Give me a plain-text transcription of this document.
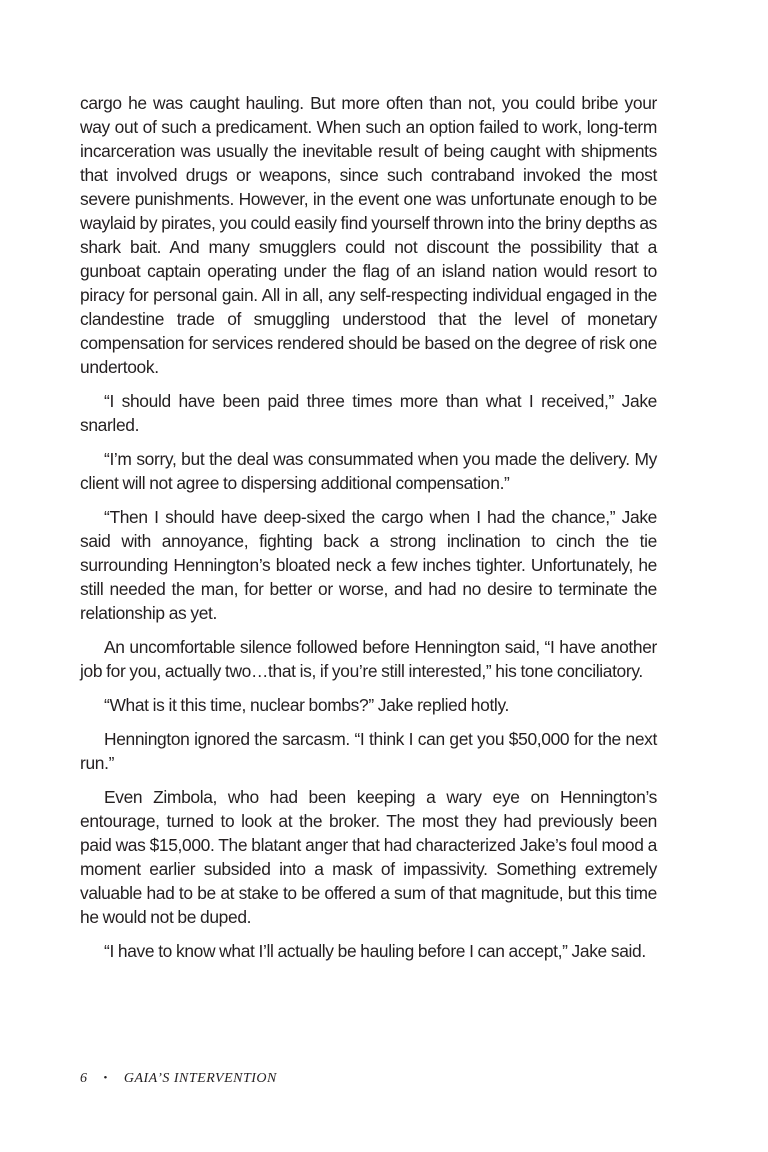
cargo he was caught hauling. But more often than not, you could bribe your way out of such a predicament. When such an option failed to work, long-term incarceration was usually the inevitable result of being caught with shipments that involved drugs or weapons, since such contraband invoked the most severe punishments. However, in the event one was unfortunate enough to be waylaid by pirates, you could easily find yourself thrown into the briny depths as shark bait. And many smugglers could not discount the possibility that a gunboat captain operating under the flag of an island nation would resort to piracy for personal gain. All in all, any self-respecting individual engaged in the clandestine trade of smuggling understood that the level of monetary compensation for services rendered should be based on the degree of risk one undertook.

“I should have been paid three times more than what I received,” Jake snarled.

“I’m sorry, but the deal was consummated when you made the delivery. My client will not agree to dispersing additional compensation.”

“Then I should have deep-sixed the cargo when I had the chance,” Jake said with annoyance, fighting back a strong inclination to cinch the tie surrounding Hennington’s bloated neck a few inches tighter. Unfortunately, he still needed the man, for better or worse, and had no desire to terminate the relationship as yet.

An uncomfortable silence followed before Hennington said, “I have another job for you, actually two…that is, if you’re still interested,” his tone conciliatory.

“What is it this time, nuclear bombs?” Jake replied hotly.

Hennington ignored the sarcasm. “I think I can get you $50,000 for the next run.”

Even Zimbola, who had been keeping a wary eye on Hennington’s entourage, turned to look at the broker. The most they had previously been paid was $15,000. The blatant anger that had characterized Jake’s foul mood a moment earlier subsided into a mask of impassivity. Something extremely valuable had to be at stake to be offered a sum of that magnitude, but this time he would not be duped.

“I have to know what I’ll actually be hauling before I can accept,” Jake said.

6 • GAIA’S INTERVENTION
